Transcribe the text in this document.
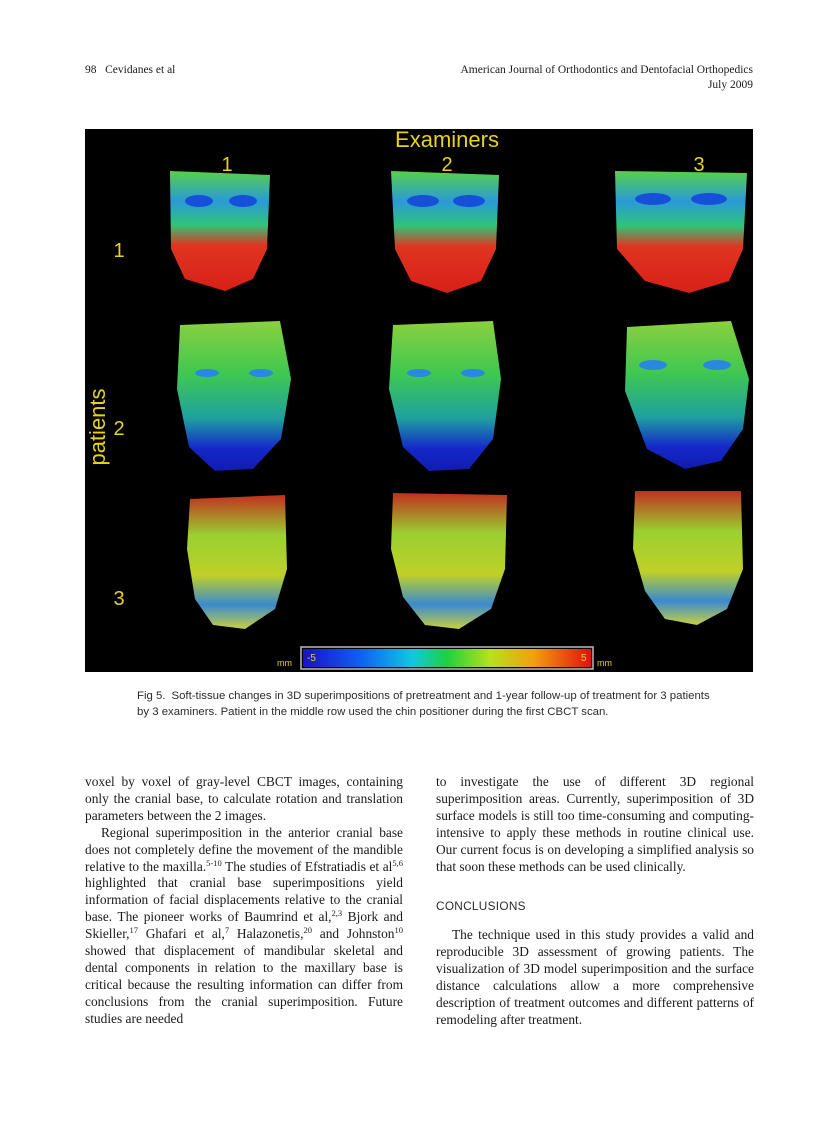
98   Cevidanes et al	American Journal of Orthodontics and Dentofacial Orthopedics
July 2009
Examiners
1	2	3
patients
1
2
3
mm -5	5 mm
Fig 5. Soft-tissue changes in 3D superimpositions of pretreatment and 1-year follow-up of treatment for 3 patients by 3 examiners. Patient in the middle row used the chin positioner during the first CBCT scan.

voxel by voxel of gray-level CBCT images, containing only the cranial base, to calculate rotation and translation parameters between the 2 images.

Regional superimposition in the anterior cranial base does not completely define the movement of the mandible relative to the maxilla.$^{5-10}$ The studies of Efstratiadis et al$^{5,6}$ highlighted that cranial base superimpositions yield information of facial displacements relative to the cranial base. The pioneer works of Baumrind et al,$^{2,3}$ Bjork and Skieller,$^{17}$ Ghafari et al,$^7$ Halazonetis,$^{20}$ and Johnston$^{10}$ showed that displacement of mandibular skeletal and dental components in relation to the maxillary base is critical because the resulting information can differ from conclusions from the cranial superimposition. Future studies are needed

to investigate the use of different 3D regional superimposition areas. Currently, superimposition of 3D surface models is still too time-consuming and computing-intensive to apply these methods in routine clinical use. Our current focus is on developing a simplified analysis so that soon these methods can be used clinically.

CONCLUSIONS

The technique used in this study provides a valid and reproducible 3D assessment of growing patients. The visualization of 3D model superimposition and the surface distance calculations allow a more comprehensive description of treatment outcomes and different patterns of remodeling after treatment.
